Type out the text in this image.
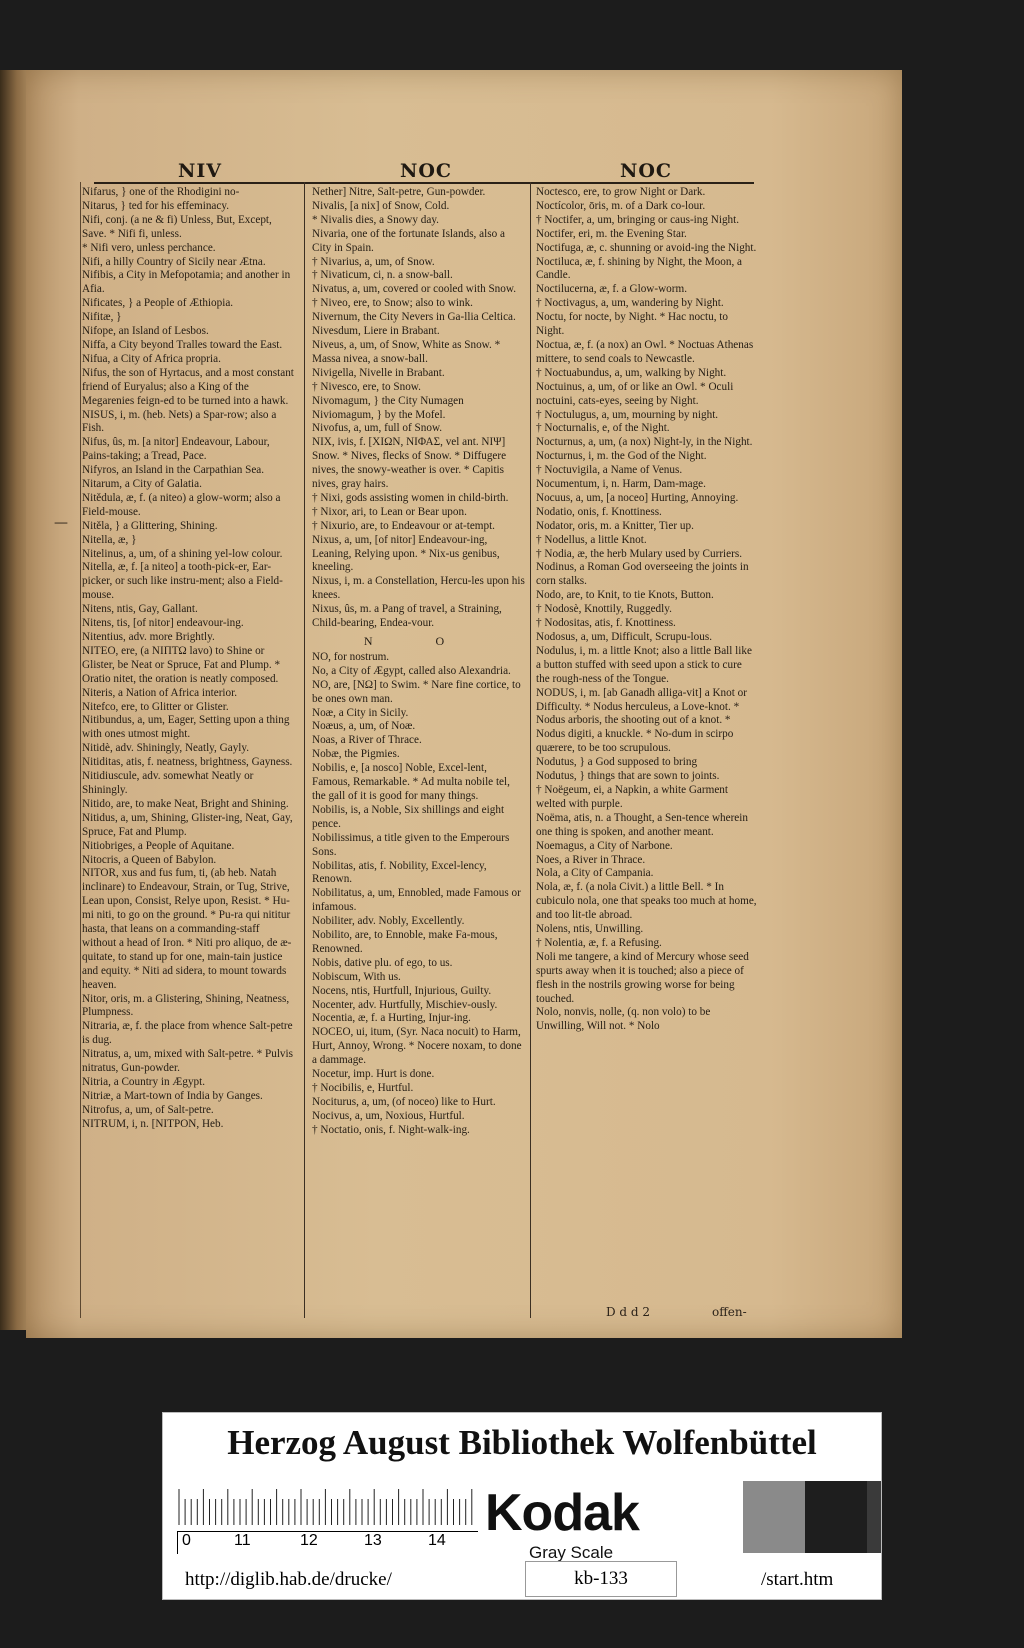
NIV	NOC	NOC

Nifarus, } one of the Rhodigini no-

Nitarus, } ted for his effeminacy.

Nifi, conj. (a ne & fi) Unless, But, Except, Save. * Nifi fi, unless.

* Nifi vero, unless perchance.

Nifi, a hilly Country of Sicily near Ætna.

Nifibis, a City in Mefopotamia; and another in Afia.

Nificates, } a People of Æthiopia.

Nifitæ, }

Nifope, an Island of Lesbos.

Niffa, a City beyond Tralles toward the East.

Nifua, a City of Africa propria.

Nifus, the son of Hyrtacus, and a most constant friend of Euryalus; also a King of the Megarenies feign-ed to be turned into a hawk.

NISUS, i, m. (heb. Nets) a Spar-row; also a Fish.

Nifus, ûs, m. [a nitor] Endeavour, Labour, Pains-taking; a Tread, Pace.

Nifyros, an Island in the Carpathian Sea.

Nitarum, a City of Galatia.

Nitědula, æ, f. (a niteo) a glow-worm; also a Field-mouse.

Nitěla, } a Glittering, Shining.

Nitella, æ, }

Nitelinus, a, um, of a shining yel-low colour.

Nitella, æ, f. [a niteo] a tooth-pick-er, Ear-picker, or such like instru-ment; also a Field-mouse.

Nitens, ntis, Gay, Gallant.

Nitens, tis, [of nitor] endeavour-ing.

Nitentius, adv. more Brightly.

NITEO, ere, (a ΝΙΠΤΩ lavo) to Shine or Glister, be Neat or Spruce, Fat and Plump. * Oratio nitet, the oration is neatly composed.

Niteris, a Nation of Africa interior.

Nitefco, ere, to Glitter or Glister.

Nitibundus, a, um, Eager, Setting upon a thing with ones utmost might.

Nitidè, adv. Shiningly, Neatly, Gayly.

Nitiditas, atis, f. neatness, brightness, Gayness.

Nitidiuscule, adv. somewhat Neatly or Shiningly.

Nitido, are, to make Neat, Bright and Shining.

Nitidus, a, um, Shining, Glister-ing, Neat, Gay, Spruce, Fat and Plump.

Nitiobriges, a People of Aquitane.

Nitocris, a Queen of Babylon.

NITOR, xus and fus fum, ti, (ab heb. Natah inclinare) to Endeavour, Strain, or Tug, Strive, Lean upon, Consist, Relye upon, Resist. * Hu-mi niti, to go on the ground. * Pu-ra qui nititur hasta, that leans on a commanding-staff without a head of Iron. * Niti pro aliquo, de æ-quitate, to stand up for one, main-tain justice and equity. * Niti ad sidera, to mount towards heaven.

Nitor, oris, m. a Glistering, Shining, Neatness, Plumpness.

Nitraria, æ, f. the place from whence Salt-petre is dug.

Nitratus, a, um, mixed with Salt-petre. * Pulvis nitratus, Gun-powder.

Nitria, a Country in Ægypt.

Nitriæ, a Mart-town of India by Ganges.

Nitrofus, a, um, of Salt-petre.

NITRUM, i, n. [ΝΙΤΡΟΝ, Heb.

Nether] Nitre, Salt-petre, Gun-powder.

Nivalis, [a nix] of Snow, Cold.

* Nivalis dies, a Snowy day.

Nivaria, one of the fortunate Islands, also a City in Spain.

† Nivarius, a, um, of Snow.

† Nivaticum, ci, n. a snow-ball.

Nivatus, a, um, covered or cooled with Snow.

† Niveo, ere, to Snow; also to wink.

Nivernum, the City Nevers in Ga-llia Celtica.

Nivesdum, Liere in Brabant.

Niveus, a, um, of Snow, White as Snow. * Massa nivea, a snow-ball.

Nivigella, Nivelle in Brabant.

† Nivesco, ere, to Snow.

Nivomagum, } the City Numagen

Niviomagum, } by the Mofel.

Nivofus, a, um, full of Snow.

NIX, ivis, f. [ΧΙΩΝ, ΝΙΦΑΣ, vel ant. ΝΙΨ] Snow. * Nives, flecks of Snow. * Diffugere nives, the snowy-weather is over. * Capitis nives, gray hairs.

† Nixi, gods assisting women in child-birth.

† Nixor, ari, to Lean or Bear upon.

† Nixurio, are, to Endeavour or at-tempt.

Nixus, a, um, [of nitor] Endeavour-ing, Leaning, Relying upon. * Nix-us genibus, kneeling.

Nixus, i, m. a Constellation, Hercu-les upon his knees.

Nixus, ûs, m. a Pang of travel, a Straining, Child-bearing, Endea-vour.

N O

NO, for nostrum.

No, a City of Ægypt, called also Alexandria.

NO, are, [ΝΩ] to Swim. * Nare fine cortice, to be ones own man.

Noæ, a City in Sicily.

Noæus, a, um, of Noæ.

Noas, a River of Thrace.

Nobæ, the Pigmies.

Nobilis, e, [a nosco] Noble, Excel-lent, Famous, Remarkable. * Ad multa nobile tel, the gall of it is good for many things.

Nobilis, is, a Noble, Six shillings and eight pence.

Nobilissimus, a title given to the Emperours Sons.

Nobilitas, atis, f. Nobility, Excel-lency, Renown.

Nobilitatus, a, um, Ennobled, made Famous or infamous.

Nobiliter, adv. Nobly, Excellently.

Nobilito, are, to Ennoble, make Fa-mous, Renowned.

Nobis, dative plu. of ego, to us.

Nobiscum, With us.

Nocens, ntis, Hurtfull, Injurious, Guilty.

Nocenter, adv. Hurtfully, Mischiev-ously.

Nocentia, æ, f. a Hurting, Injur-ing.

NOCEO, ui, itum, (Syr. Naca nocuit) to Harm, Hurt, Annoy, Wrong. * Nocere noxam, to done a dammage.

Nocetur, imp. Hurt is done.

† Nocibilis, e, Hurtful.

Nociturus, a, um, (of noceo) like to Hurt.

Nocivus, a, um, Noxious, Hurtful.

† Noctatio, onis, f. Night-walk-ing.

Noctesco, ere, to grow Night or Dark.

Noctícolor, ōris, m. of a Dark co-lour.

† Noctifer, a, um, bringing or caus-ing Night.

Noctifer, eri, m. the Evening Star.

Noctifuga, æ, c. shunning or avoid-ing the Night.

Noctiluca, æ, f. shining by Night, the Moon, a Candle.

Noctilucerna, æ, f. a Glow-worm.

† Noctivagus, a, um, wandering by Night.

Noctu, for nocte, by Night. * Hac noctu, to Night.

Noctua, æ, f. (a nox) an Owl. * Noctuas Athenas mittere, to send coals to Newcastle.

† Noctuabundus, a, um, walking by Night.

Noctuinus, a, um, of or like an Owl. * Oculi noctuini, cats-eyes, seeing by Night.

† Noctulugus, a, um, mourning by night.

† Nocturnalis, e, of the Night.

Nocturnus, a, um, (a nox) Night-ly, in the Night.

Nocturnus, i, m. the God of the Night.

† Noctuvigila, a Name of Venus.

Nocumentum, i, n. Harm, Dam-mage.

Nocuus, a, um, [a noceo] Hurting, Annoying.

Nodatio, onis, f. Knottiness.

Nodator, oris, m. a Knitter, Tier up.

† Nodellus, a little Knot.

† Nodia, æ, the herb Mulary used by Curriers.

Nodinus, a Roman God overseeing the joints in corn stalks.

Nodo, are, to Knit, to tie Knots, Button.

† Nodosè, Knottily, Ruggedly.

† Nodositas, atis, f. Knottiness.

Nodosus, a, um, Difficult, Scrupu-lous.

Nodulus, i, m. a little Knot; also a little Ball like a button stuffed with seed upon a stick to cure the rough-ness of the Tongue.

NODUS, i, m. [ab Ganadh alliga-vit] a Knot or Difficulty. * Nodus herculeus, a Love-knot. * Nodus arboris, the shooting out of a knot. * Nodus digiti, a knuckle. * No-dum in scirpo quærere, to be too scrupulous.

Nodutus, } a God supposed to bring

Nodutus, } things that are sown to joints.

† Noëgeum, ei, a Napkin, a white Garment welted with purple.

Noëma, atis, n. a Thought, a Sen-tence wherein one thing is spoken, and another meant.

Noemagus, a City of Narbone.

Noes, a River in Thrace.

Nola, a City of Campania.

Nola, æ, f. (a nola Civit.) a little Bell. * In cubiculo nola, one that speaks too much at home, and too lit-tle abroad.

Nolens, ntis, Unwilling.

† Nolentia, æ, f. a Refusing.

Noli me tangere, a kind of Mercury whose seed spurts away when it is touched; also a piece of flesh in the nostrils growing worse for being touched.

Nolo, nonvis, nolle, (q. non volo) to be Unwilling, Will not. * Nolo

—
D d d 2	offen-
Herzog August Bibliothek Wolfenbüttel
0	11	12	13	14 Kodak
Gray Scale
http://diglib.hab.de/drucke/	kb-133	/start.htm
